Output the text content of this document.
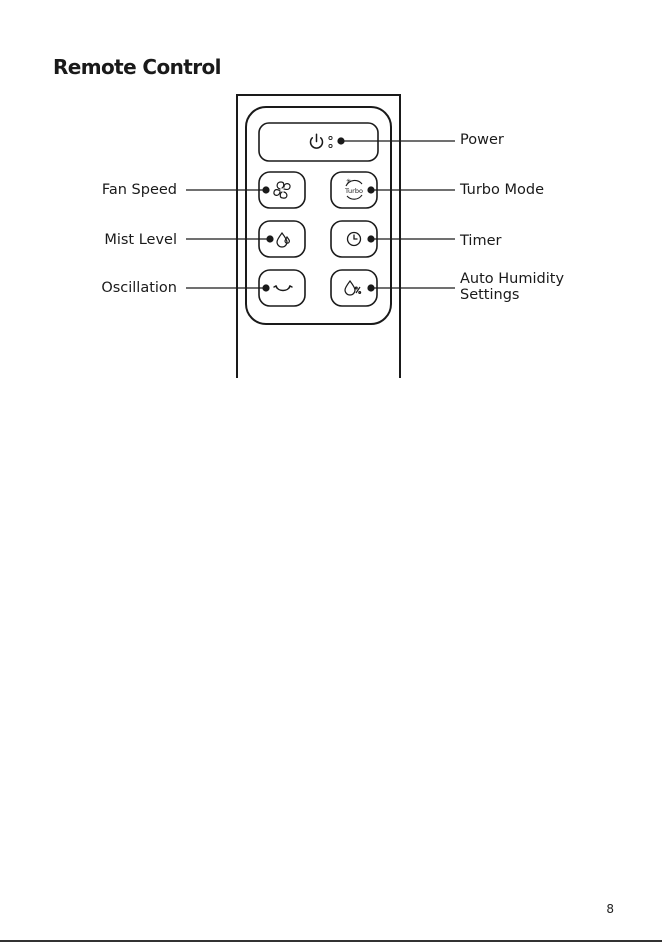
Remote Control
✳
Turbo
Power
Fan Speed	Turbo Mode
Mist Level	Timer
Oscillation
Auto Humidity
Settings
8
